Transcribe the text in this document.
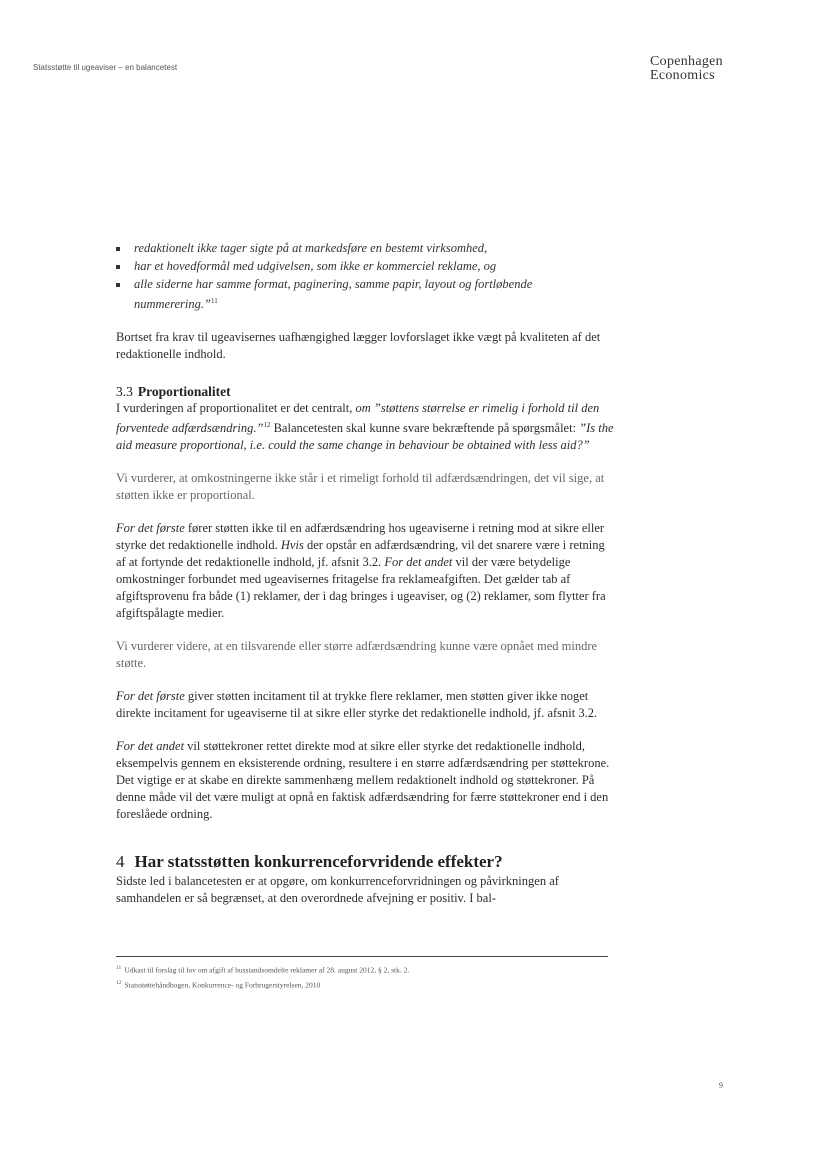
Statsstøtte til ugeaviser – en balancetest	Copenhagen
Economics
redaktionelt ikke tager sigte på at markedsføre en bestemt virksomhed,
har et hovedformål med udgivelsen, som ikke er kommerciel reklame, og
alle siderne har samme format, paginering, samme papir, layout og fortløbende nummerering.”$^{11}$

Bortset fra krav til ugeavisernes uafhængighed lægger lovforslaget ikke vægt på kvaliteten af det redaktionelle indhold.

3.3 Proportionalitet

I vurderingen af proportionalitet er det centralt, om ”støttens størrelse er rimelig i forhold til den forventede adfærdsændring.”$^{12}$ Balancetesten skal kunne svare bekræftende på spørgsmålet: ”Is the aid measure proportional, i.e. could the same change in behaviour be obtained with less aid?”

Vi vurderer, at omkostningerne ikke står i et rimeligt forhold til adfærdsændringen, det vil sige, at støtten ikke er proportional.

For det første fører støtten ikke til en adfærdsændring hos ugeaviserne i retning mod at sikre eller styrke det redaktionelle indhold. Hvis der opstår en adfærdsændring, vil det snarere være i retning af at fortynde det redaktionelle indhold, jf. afsnit 3.2. For det andet vil der være betydelige omkostninger forbundet med ugeavisernes fritagelse fra reklameafgiften. Det gælder tab af afgiftsprovenu fra både (1) reklamer, der i dag bringes i ugeaviser, og (2) reklamer, som flytter fra afgiftspålagte medier.

Vi vurderer videre, at en tilsvarende eller større adfærdsændring kunne være opnået med mindre støtte.

For det første giver støtten incitament til at trykke flere reklamer, men støtten giver ikke noget direkte incitament for ugeaviserne til at sikre eller styrke det redaktionelle indhold, jf. afsnit 3.2.

For det andet vil støttekroner rettet direkte mod at sikre eller styrke det redaktionelle indhold, eksempelvis gennem en eksisterende ordning, resultere i en større adfærdsændring per støttekrone. Det vigtige er at skabe en direkte sammenhæng mellem redaktionelt indhold og støttekroner. På denne måde vil det være muligt at opnå en faktisk adfærdsændring for færre støttekroner end i den foreslåede ordning.

4 Har statsstøtten konkurrenceforvridende effekter?

Sidste led i balancetesten er at opgøre, om konkurrenceforvridningen og påvirkningen af samhandelen er så begrænset, at den overordnede afvejning er positiv. I bal-

$^{11}$ Udkast til forslag til lov om afgift af husstandsomdelte reklamer af 28. august 2012, § 2, stk. 2.
$^{12}$ Statsstøttehåndbogen, Konkurrence- og Forbrugerstyrelsen, 2010
9
